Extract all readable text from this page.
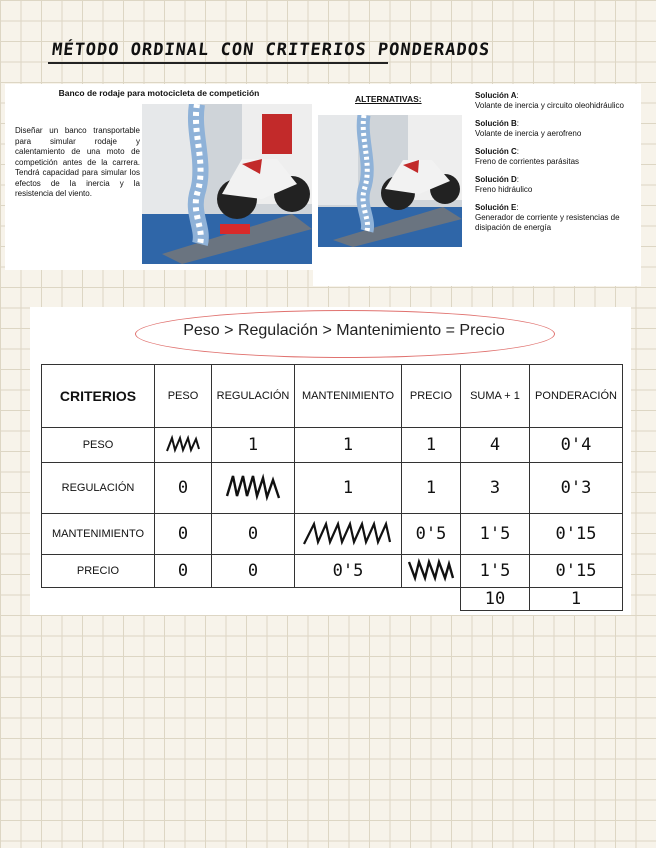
MÉTODO ORDINAL CON CRITERIOS PONDERADOS
Banco de rodaje para motocicleta de competición
Diseñar un banco transportable para simular rodaje y calentamiento de una moto de competición antes de la carrera. Tendrá capacidad para simular los efectos de la inercia y la resistencia del viento.
ALTERNATIVAS:	Solución A:
Volante de inercia y circuito oleohidráulico
Solución B:
Volante de inercia y aerofreno
Solución C:
Freno de corrientes parásitas
Solución D:
Freno hidráulico
Solución E:
Generador de corriente y resistencias de disipación de energía
Peso > Regulación > Mantenimiento = Precio
CRITERIOS	PESO	REGULACIÓN	MANTENIMIENTO	PRECIO	SUMA + 1	PONDERACIÓN
PESO		1	1	1	4	0'4
REGULACIÓN	0		1	1	3	0'3
MANTENIMIENTO	0	0		0'5	1'5	0'15
PRECIO	0	0	0'5		1'5	0'15
					10	1
